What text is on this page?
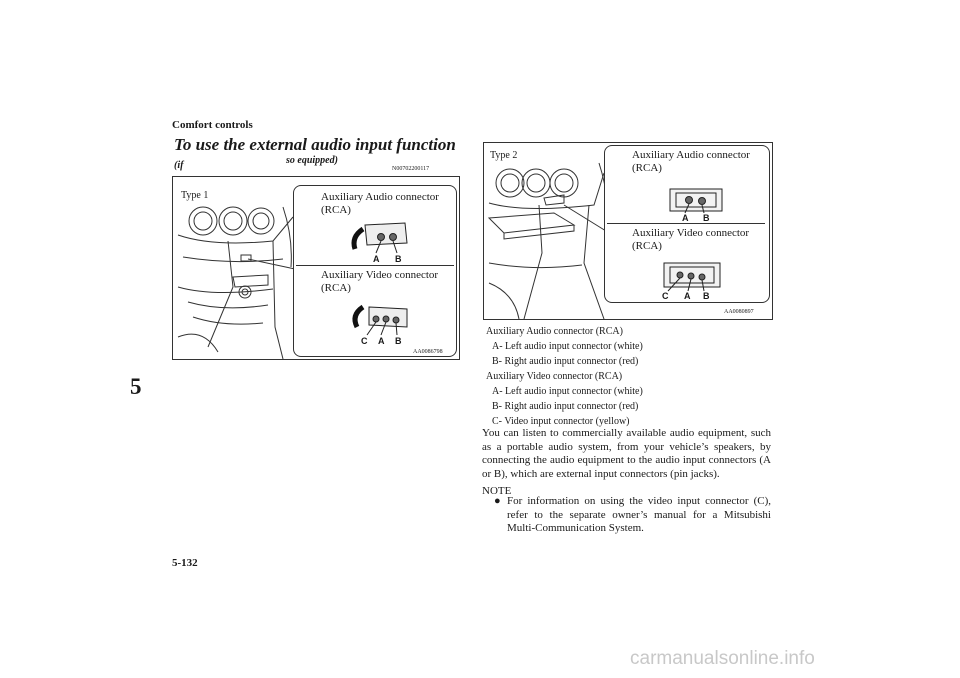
Comfort controls
5
5-132
To use the external audio input function (if	so equipped)
N00702200117
Type 1	Auxiliary Audio connector (RCA)
Auxiliary Video connector (RCA)
A B
C A B
AA0086798
Type 2	Auxiliary Audio connector (RCA)
Auxiliary Video connector (RCA)
A B
C A B
AA0080897
Auxiliary Audio connector (RCA)
A- Left audio input connector (white)
B- Right audio input connector (red)
Auxiliary Video connector (RCA)
A- Left audio input connector (white)
B- Right audio input connector (red)
C- Video input connector (yellow)
You can listen to commercially available audio equipment, such as a portable audio system, from your vehicle’s speakers, by connecting the audio equipment to the audio input connectors (A or B), which are external input connectors (pin jacks).
NOTE
● For information on using the video input connector (C), refer to the separate owner’s manual for a Mitsubishi Multi-Communication System.
carmanualsonline.info
